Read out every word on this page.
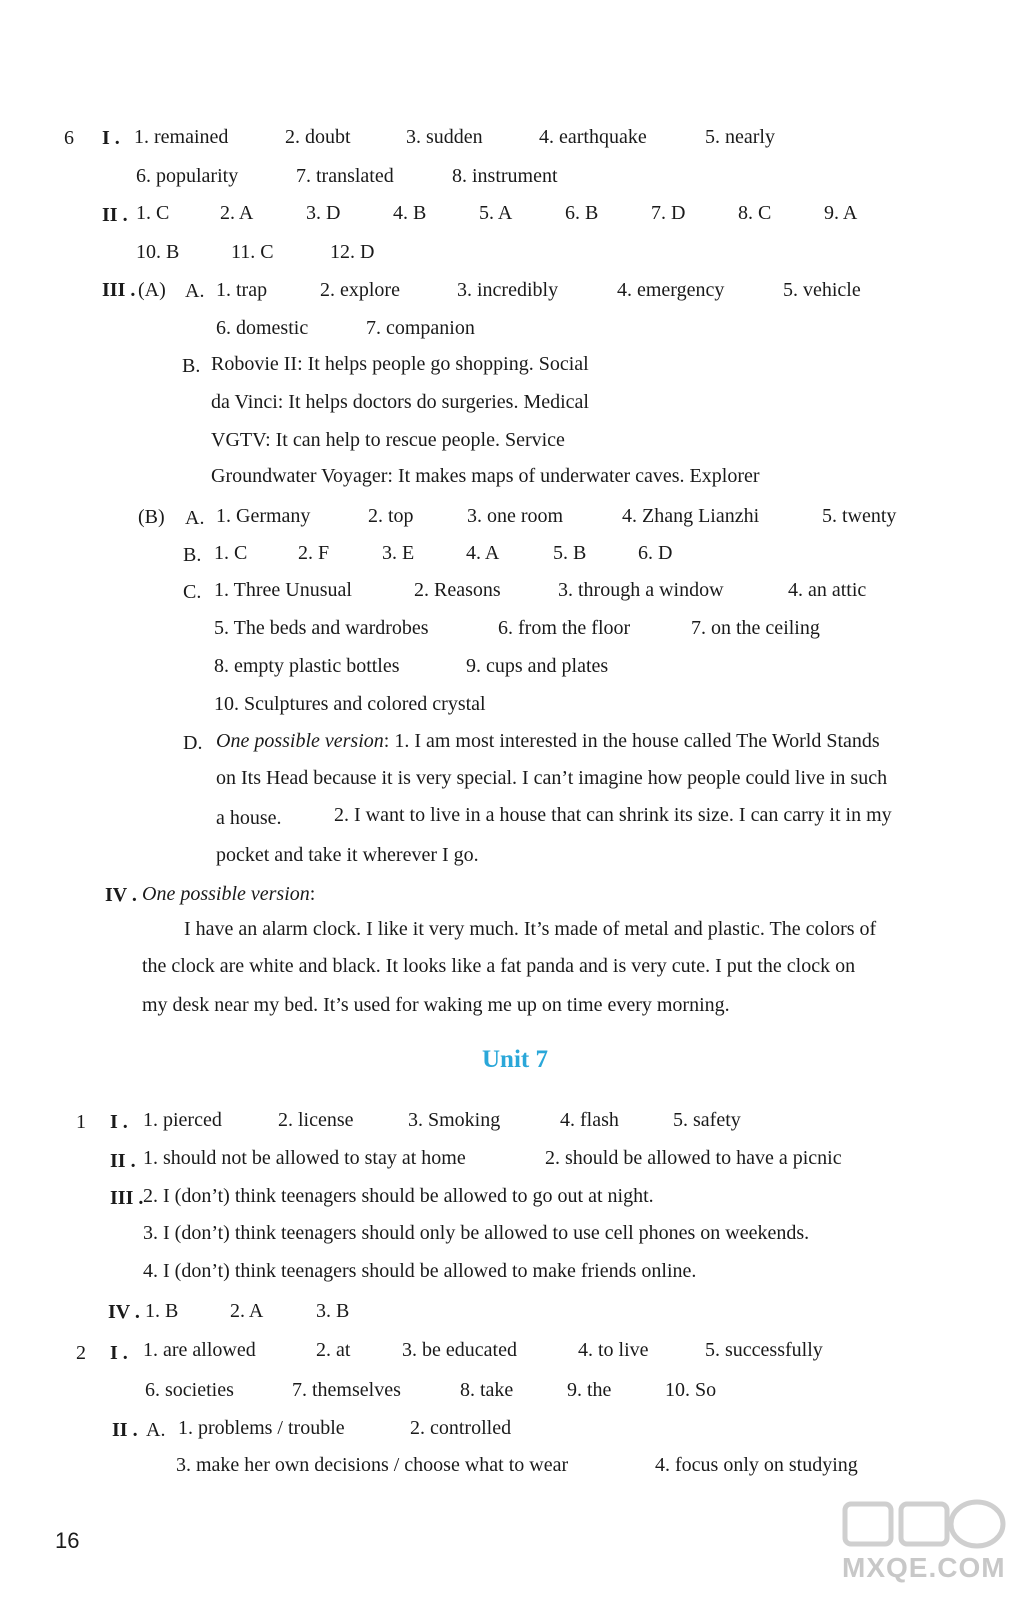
6 I . 1. remained	2. doubt	3. sudden	4. earthquake	5. nearly
6. popularity	7. translated	8. instrument
II . 1. C	2. A	3. D	4. B	5. A	6. B	7. D	8. C	9. A
10. B	11. C	12. D
III . (A) A. 1. trap	2. explore	3. incredibly	4. emergency	5. vehicle
6. domestic	7. companion
B. Robovie II: It helps people go shopping. Social
da Vinci: It helps doctors do surgeries. Medical
VGTV: It can help to rescue people. Service
Groundwater Voyager: It makes maps of underwater caves. Explorer
(B) A. 1. Germany	2. top	3. one room	4. Zhang Lianzhi	5. twenty
B. 1. C	2. F	3. E	4. A	5. B	6. D
C. 1. Three Unusual	2. Reasons	3. through a window	4. an attic
5. The beds and wardrobes	6. from the floor	7. on the ceiling
8. empty plastic bottles	9. cups and plates
10. Sculptures and colored crystal
D. One possible version: 1. I am most interested in the house called The World Stands
on Its Head because it is very special. I can’t imagine how people could live in such
a house.	2. I want to live in a house that can shrink its size. I can carry it in my
pocket and take it wherever I go.
IV . One possible version:
I have an alarm clock. I like it very much. It’s made of metal and plastic. The colors of
the clock are white and black. It looks like a fat panda and is very cute. I put the clock on
my desk near my bed. It’s used for waking me up on time every morning.
Unit 7
1 I . 1. pierced	2. license	3. Smoking	4. flash	5. safety
II . 1. should not be allowed to stay at home	2. should be allowed to have a picnic
III . 2. I (don’t) think teenagers should be allowed to go out at night.
3. I (don’t) think teenagers should only be allowed to use cell phones on weekends.
4. I (don’t) think teenagers should be allowed to make friends online.
IV . 1. B	2. A	3. B
2 I . 1. are allowed	2. at	3. be educated	4. to live	5. successfully
6. societies	7. themselves	8. take	9. the	10. So
II . A. 1. problems / trouble	2. controlled
3. make her own decisions / choose what to wear	4. focus only on studying
16
MXQE.COM
